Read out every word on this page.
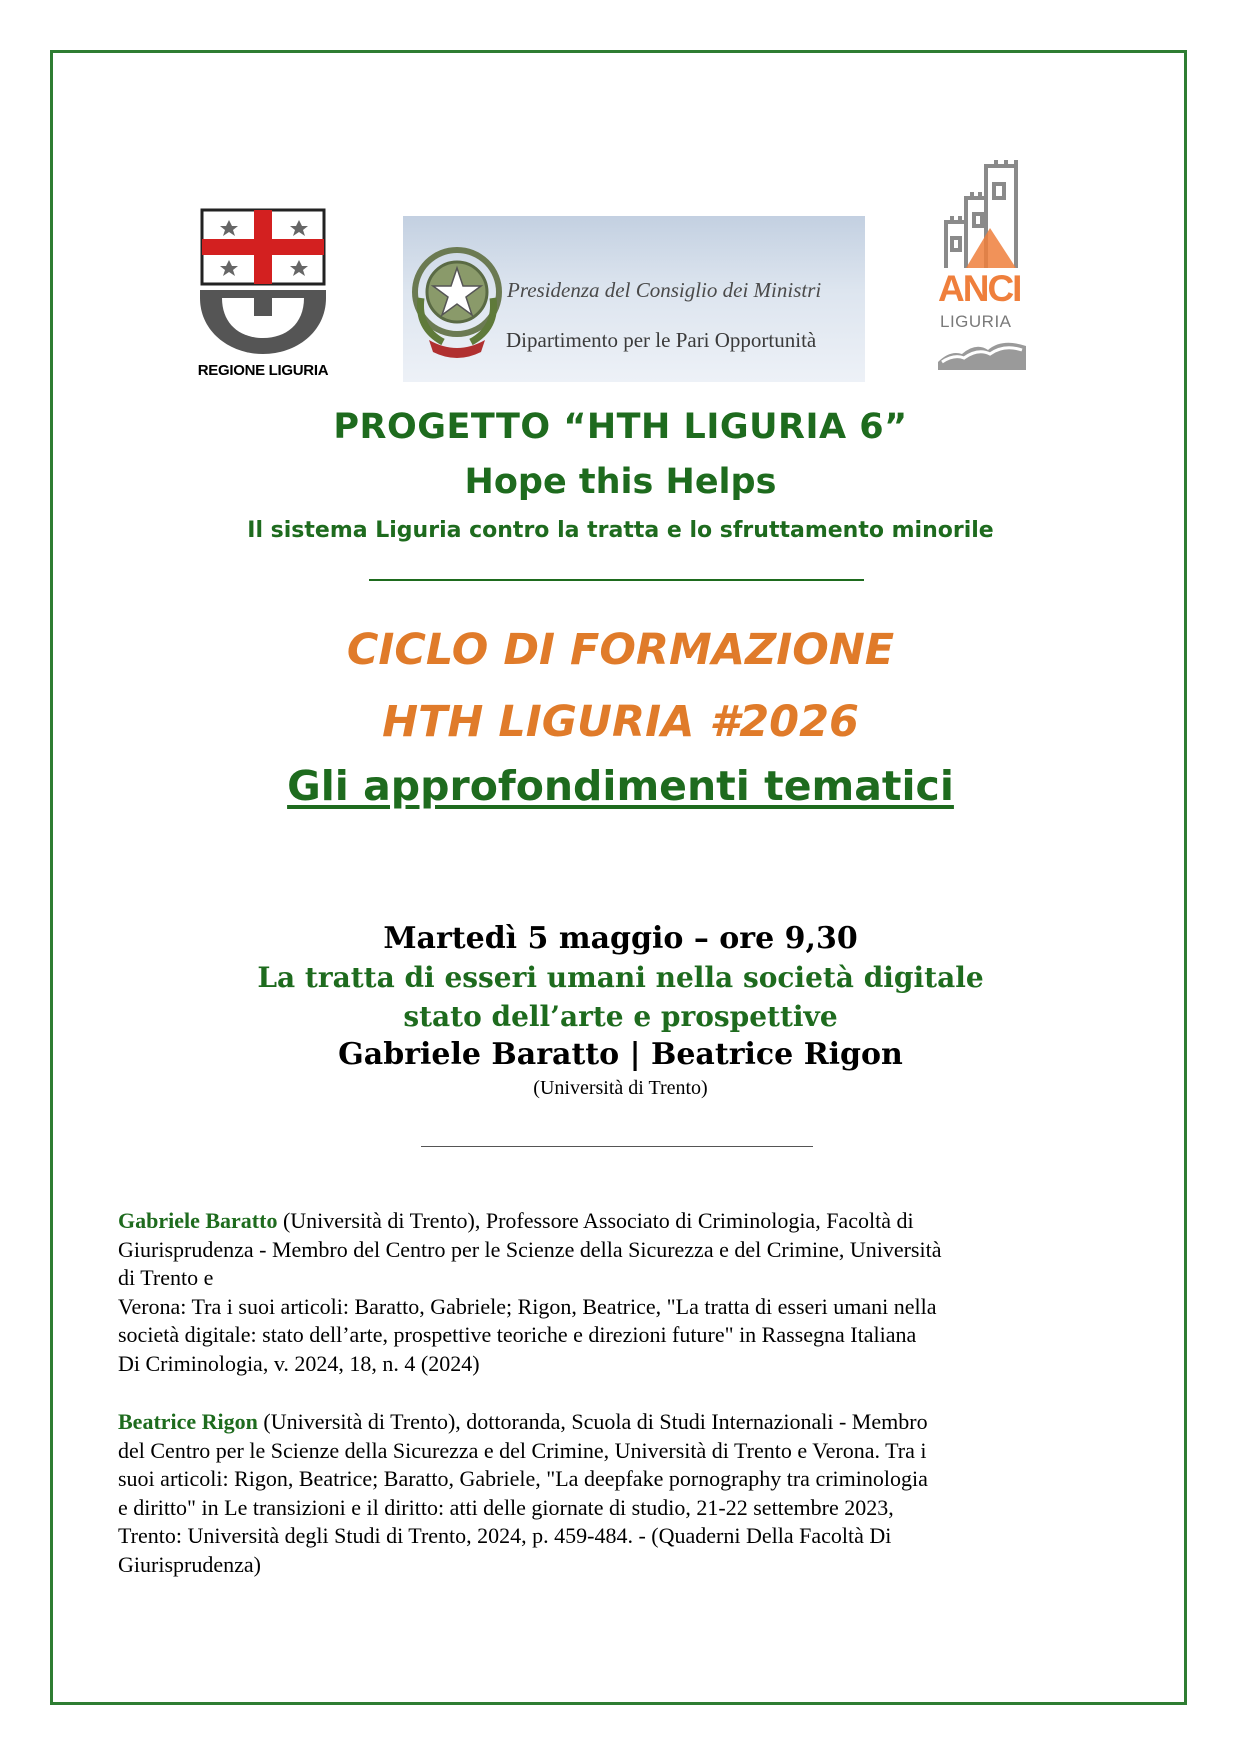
REGIONE LIGURIA
Presidenza del Consiglio dei Ministri
Dipartimento per le Pari Opportunità
ANCI
LIGURIA
PROGETTO “HTH LIGURIA 6”
Hope this Helps
Il sistema Liguria contro la tratta e lo sfruttamento minorile
CICLO DI FORMAZIONE
HTH LIGURIA #2026
Gli approfondimenti tematici
Martedì 5 maggio – ore 9,30
La tratta di esseri umani nella società digitale
stato dell’arte e prospettive
Gabriele Baratto | Beatrice Rigon
(Università di Trento)
Gabriele Baratto (Università di Trento), Professore Associato di Criminologia, Facoltà di
Giurisprudenza - Membro del Centro per le Scienze della Sicurezza e del Crimine, Università
di Trento e
Verona: Tra i suoi articoli: Baratto, Gabriele; Rigon, Beatrice, "La tratta di esseri umani nella
società digitale: stato dell’arte, prospettive teoriche e direzioni future" in Rassegna Italiana
Di Criminologia, v. 2024, 18, n. 4 (2024)
Beatrice Rigon (Università di Trento), dottoranda, Scuola di Studi Internazionali - Membro
del Centro per le Scienze della Sicurezza e del Crimine, Università di Trento e Verona. Tra i
suoi articoli: Rigon, Beatrice; Baratto, Gabriele, "La deepfake pornography tra criminologia
e diritto" in Le transizioni e il diritto: atti delle giornate di studio, 21-22 settembre 2023,
Trento: Università degli Studi di Trento, 2024, p. 459-484. - (Quaderni Della Facoltà Di
Giurisprudenza)
